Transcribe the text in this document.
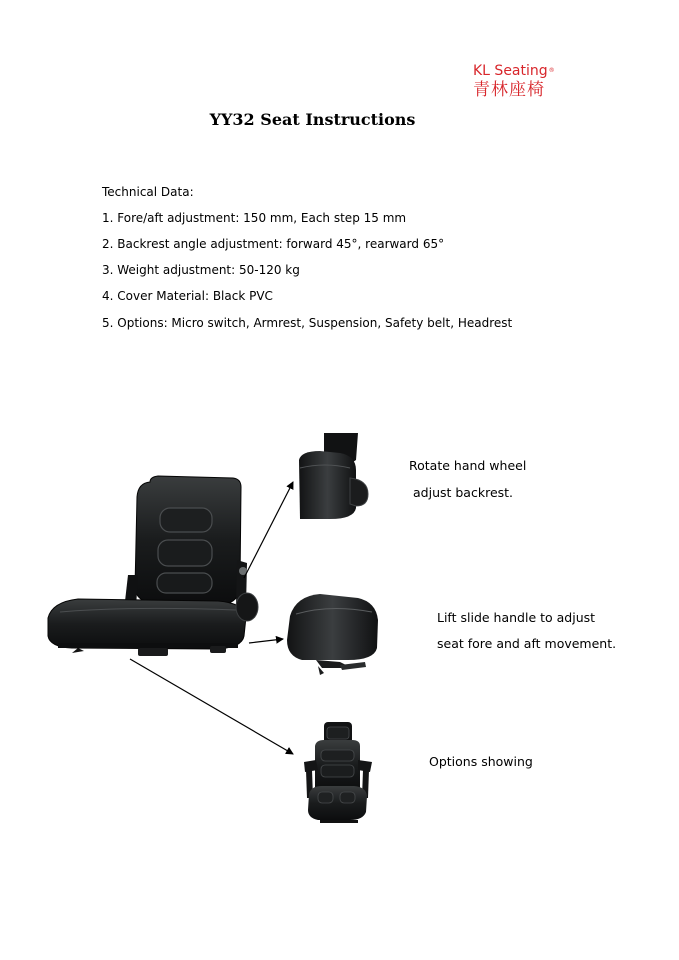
KL Seating®
青林座椅
YY32 Seat Instructions
Technical Data:
1. Fore/aft adjustment: 150 mm, Each step 15 mm
2. Backrest angle adjustment: forward 45°, rearward 65°
3. Weight adjustment: 50-120 kg
4. Cover Material: Black PVC
5. Options: Micro switch, Armrest, Suspension, Safety belt, Headrest
Rotate hand wheel
adjust backrest.
Lift slide handle to adjust
seat fore and aft movement.
Options showing
